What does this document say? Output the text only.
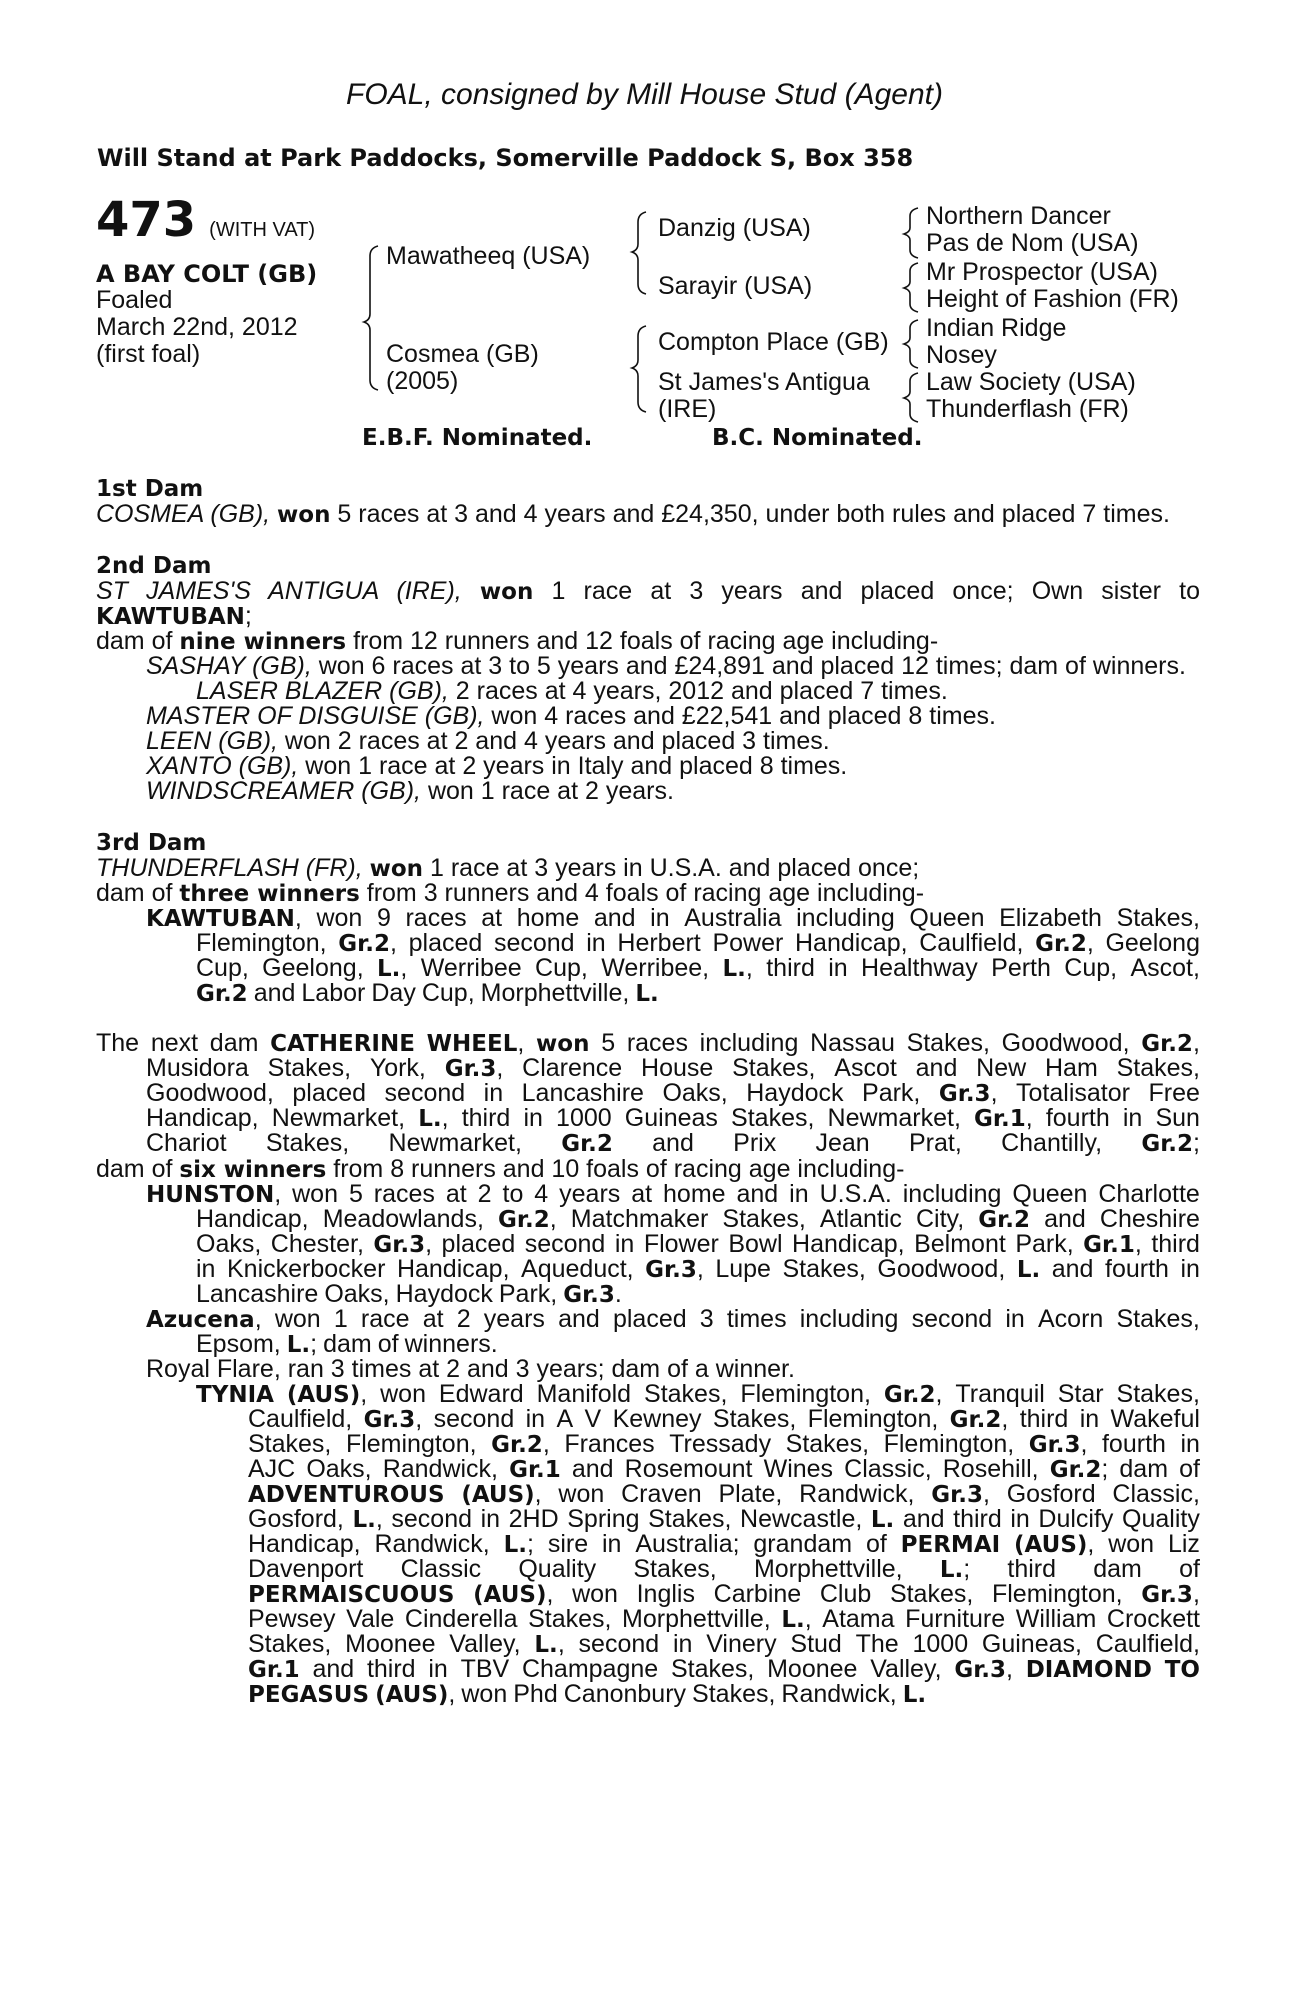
FOAL, consigned by Mill House Stud (Agent)
Will Stand at Park Paddocks, Somerville Paddock S, Box 358
473 (WITH VAT)
A BAY COLT (GB)
Foaled
March 22nd, 2012
(first foal)
Mawatheeq (USA)
Cosmea (GB)
(2005)
Danzig (USA)
Sarayir (USA)
Compton Place (GB)
St James's Antigua
(IRE)
Northern Dancer
Pas de Nom (USA)
Mr Prospector (USA)
Height of Fashion (FR)
Indian Ridge
Nosey
Law Society (USA)
Thunderflash (FR)
E.B.F. Nominated.	B.C. Nominated.
1st Dam
COSMEA (GB), won 5 races at 3 and 4 years and £24,350, under both rules and placed 7 times.
2nd Dam
ST JAMES'S ANTIGUA (IRE), won 1 race at 3 years and placed once; Own sister to
KAWTUBAN;
dam of nine winners from 12 runners and 12 foals of racing age including-
SASHAY (GB), won 6 races at 3 to 5 years and £24,891 and placed 12 times; dam of winners.
LASER BLAZER (GB), 2 races at 4 years, 2012 and placed 7 times.
MASTER OF DISGUISE (GB), won 4 races and £22,541 and placed 8 times.
LEEN (GB), won 2 races at 2 and 4 years and placed 3 times.
XANTO (GB), won 1 race at 2 years in Italy and placed 8 times.
WINDSCREAMER (GB), won 1 race at 2 years.
3rd Dam
THUNDERFLASH (FR), won 1 race at 3 years in U.S.A. and placed once;
dam of three winners from 3 runners and 4 foals of racing age including-
KAWTUBAN, won 9 races at home and in Australia including Queen Elizabeth Stakes,
Flemington, Gr.2, placed second in Herbert Power Handicap, Caulfield, Gr.2, Geelong
Cup, Geelong, L., Werribee Cup, Werribee, L., third in Healthway Perth Cup, Ascot,
Gr.2 and Labor Day Cup, Morphettville, L.
The next dam CATHERINE WHEEL, won 5 races including Nassau Stakes, Goodwood, Gr.2,
Musidora Stakes, York, Gr.3, Clarence House Stakes, Ascot and New Ham Stakes,
Goodwood, placed second in Lancashire Oaks, Haydock Park, Gr.3, Totalisator Free
Handicap, Newmarket, L., third in 1000 Guineas Stakes, Newmarket, Gr.1, fourth in Sun
Chariot Stakes, Newmarket, Gr.2 and Prix Jean Prat, Chantilly, Gr.2;
dam of six winners from 8 runners and 10 foals of racing age including-
HUNSTON, won 5 races at 2 to 4 years at home and in U.S.A. including Queen Charlotte
Handicap, Meadowlands, Gr.2, Matchmaker Stakes, Atlantic City, Gr.2 and Cheshire
Oaks, Chester, Gr.3, placed second in Flower Bowl Handicap, Belmont Park, Gr.1, third
in Knickerbocker Handicap, Aqueduct, Gr.3, Lupe Stakes, Goodwood, L. and fourth in
Lancashire Oaks, Haydock Park, Gr.3.
Azucena, won 1 race at 2 years and placed 3 times including second in Acorn Stakes,
Epsom, L.; dam of winners.
Royal Flare, ran 3 times at 2 and 3 years; dam of a winner.
TYNIA (AUS), won Edward Manifold Stakes, Flemington, Gr.2, Tranquil Star Stakes,
Caulfield, Gr.3, second in A V Kewney Stakes, Flemington, Gr.2, third in Wakeful
Stakes, Flemington, Gr.2, Frances Tressady Stakes, Flemington, Gr.3, fourth in
AJC Oaks, Randwick, Gr.1 and Rosemount Wines Classic, Rosehill, Gr.2; dam of
ADVENTUROUS (AUS), won Craven Plate, Randwick, Gr.3, Gosford Classic,
Gosford, L., second in 2HD Spring Stakes, Newcastle, L. and third in Dulcify Quality
Handicap, Randwick, L.; sire in Australia; grandam of PERMAI (AUS), won Liz
Davenport Classic Quality Stakes, Morphettville, L.; third dam of
PERMAISCUOUS (AUS), won Inglis Carbine Club Stakes, Flemington, Gr.3,
Pewsey Vale Cinderella Stakes, Morphettville, L., Atama Furniture William Crockett
Stakes, Moonee Valley, L., second in Vinery Stud The 1000 Guineas, Caulfield,
Gr.1 and third in TBV Champagne Stakes, Moonee Valley, Gr.3, DIAMOND TO
PEGASUS (AUS), won Phd Canonbury Stakes, Randwick, L.
